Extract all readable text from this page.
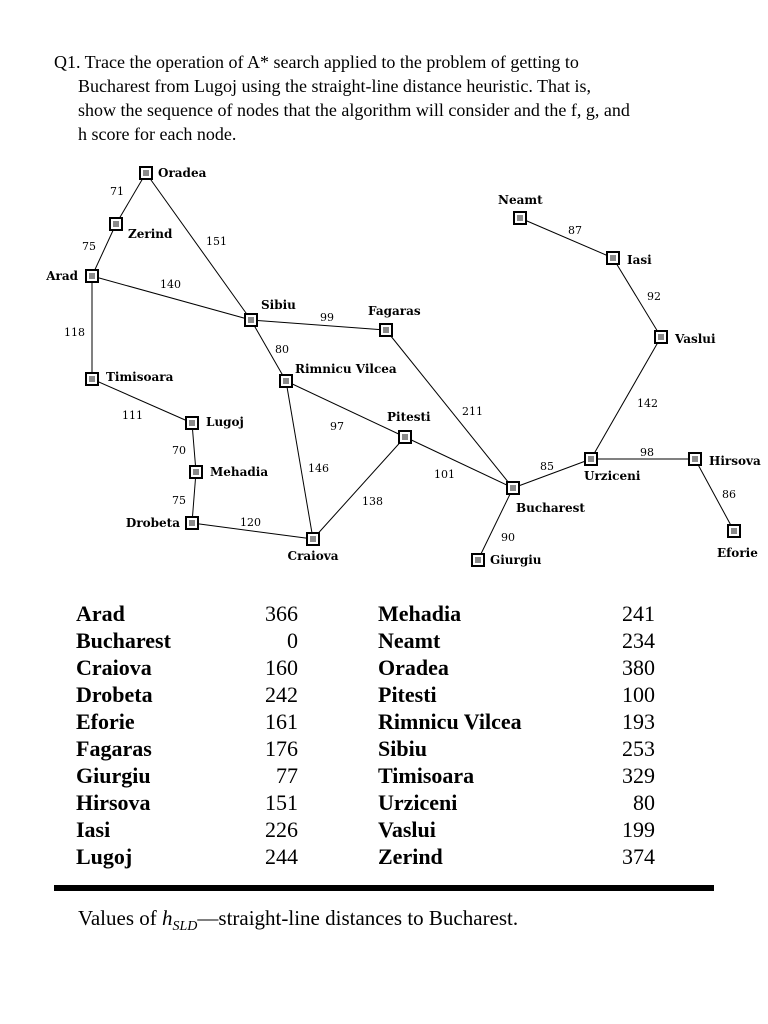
Q1. Trace the operation of A* search applied to the problem of getting to
Bucharest from Lugoj using the straight-line distance heuristic. That is,
show the sequence of nodes that the algorithm will consider and the f, g, and
h score for each node.
71
75	151
140
118
111
70
75
120
99
80
97
146
138
211
101
90
85
98
86
142
92
87
Oradea
Zerind
Arad
Timisoara
Lugoj
Mehadia
Drobeta
Craiova
Sibiu
Rimnicu Vilcea
Fagaras
Pitesti
Bucharest
Giurgiu
Urziceni
Hirsova
Eforie
Vaslui
Iasi
Neamt
Arad	366
Bucharest	0
Craiova	160
Drobeta	242
Eforie	161
Fagaras	176
Giurgiu	77
Hirsova	151
Iasi	226
Lugoj	244
Mehadia	241
Neamt	234
Oradea	380
Pitesti	100
Rimnicu Vilcea	193
Sibiu	253
Timisoara	329
Urziceni	80
Vaslui	199
Zerind	374
Values of $h_{SLD}—straight$-line distances to Bucharest.
